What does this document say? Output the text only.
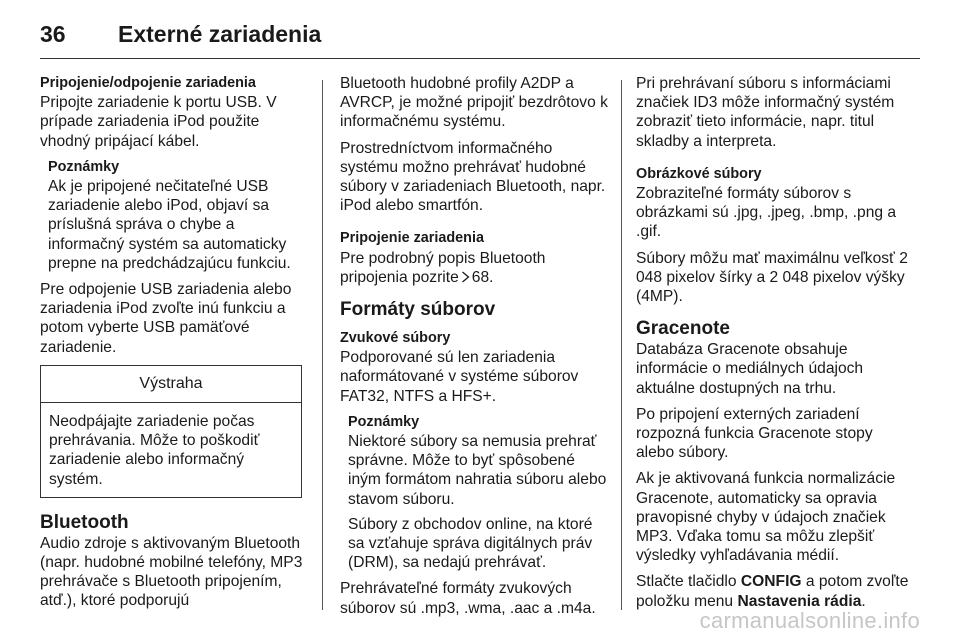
36	Externé zariadenia
Pripojenie/odpojenie zariadenia

Pripojte zariadenie k portu USB. V prípade zariadenia iPod použite vhodný pripájací kábel.

Poznámky

Ak je pripojené nečitateľné USB zariadenie alebo iPod, objaví sa príslušná správa o chybe a informačný systém sa automaticky prepne na predchádzajúcu funkciu.

Pre odpojenie USB zariadenia alebo zariadenia iPod zvoľte inú funkciu a potom vyberte USB pamäťové zariadenie.

Výstraha
Neodpájajte zariadenie počas prehrávania. Môže to poškodiť zariadenie alebo informačný systém.
Bluetooth

Audio zdroje s aktivovaným Bluetooth (napr. hudobné mobilné telefóny, MP3 prehrávače s Bluetooth pripojením, atď.), ktoré podporujú

Bluetooth hudobné profily A2DP a AVRCP, je možné pripojiť bezdrôtovo k informačnému systému.

Prostredníctvom informačného systému možno prehrávať hudobné súbory v zariadeniach Bluetooth, napr. iPod alebo smartfón.

Pripojenie zariadenia

Pre podrobný popis Bluetooth pripojenia pozrite 68.

Formáty súborov
Zvukové súbory

Podporované sú len zariadenia naformátované v systéme súborov FAT32, NTFS a HFS+.

Poznámky

Niektoré súbory sa nemusia prehrať správne. Môže to byť spôsobené iným formátom nahratia súboru alebo stavom súboru.

Súbory z obchodov online, na ktoré sa vzťahuje správa digitálnych práv (DRM), sa nedajú prehrávať.

Prehrávateľné formáty zvukových súborov sú .mp3, .wma, .aac a .m4a.

Pri prehrávaní súboru s informáciami značiek ID3 môže informačný systém zobraziť tieto informácie, napr. titul skladby a interpreta.

Obrázkové súbory

Zobraziteľné formáty súborov s obrázkami sú .jpg, .jpeg, .bmp, .png a .gif.

Súbory môžu mať maximálnu veľkosť 2 048 pixelov šírky a 2 048 pixelov výšky (4MP).

Gracenote

Databáza Gracenote obsahuje informácie o mediálnych údajoch aktuálne dostupných na trhu.

Po pripojení externých zariadení rozpozná funkcia Gracenote stopy alebo súbory.

Ak je aktivovaná funkcia normalizácie Gracenote, automaticky sa opravia pravopisné chyby v údajoch značiek MP3. Vďaka tomu sa môžu zlepšiť výsledky vyhľadávania médií.

Stlačte tlačidlo CONFIG a potom zvoľte položku menu Nastavenia rádia.

carmanualsonline.info
